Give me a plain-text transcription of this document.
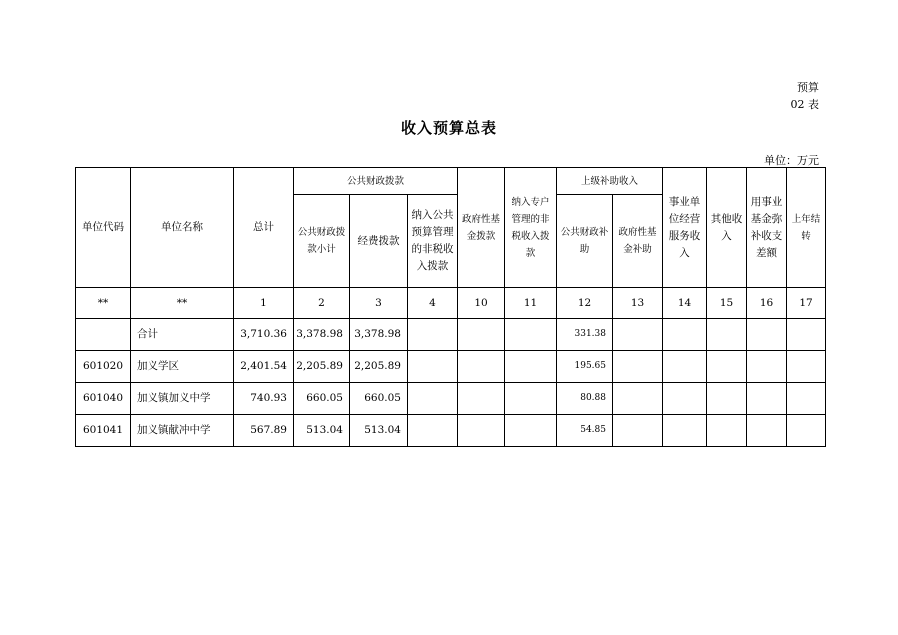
预算
02 表
收入预算总表
单位：万元
单位代码	单位名称	总计	公共财政拨款			政府性基金拨款	纳入专户管理的非税收入拨款	上级补助收入		事业单位经营服务收入	其他收入	用事业基金弥补收支差额	上年结转
			公共财政拨款小计	经费拨款	纳入公共预算管理的非税收入拨款			公共财政补助	政府性基金补助				
**	**	1	2	3	4	10	11	12	13	14	15	16	17
	合计	3,710.36	3,378.98	3,378.98				331.38					
601020	加义学区	2,401.54	2,205.89	2,205.89				195.65					
601040	加义镇加义中学	740.93	660.05	660.05				80.88					
601041	加义镇献冲中学	567.89	513.04	513.04				54.85					
